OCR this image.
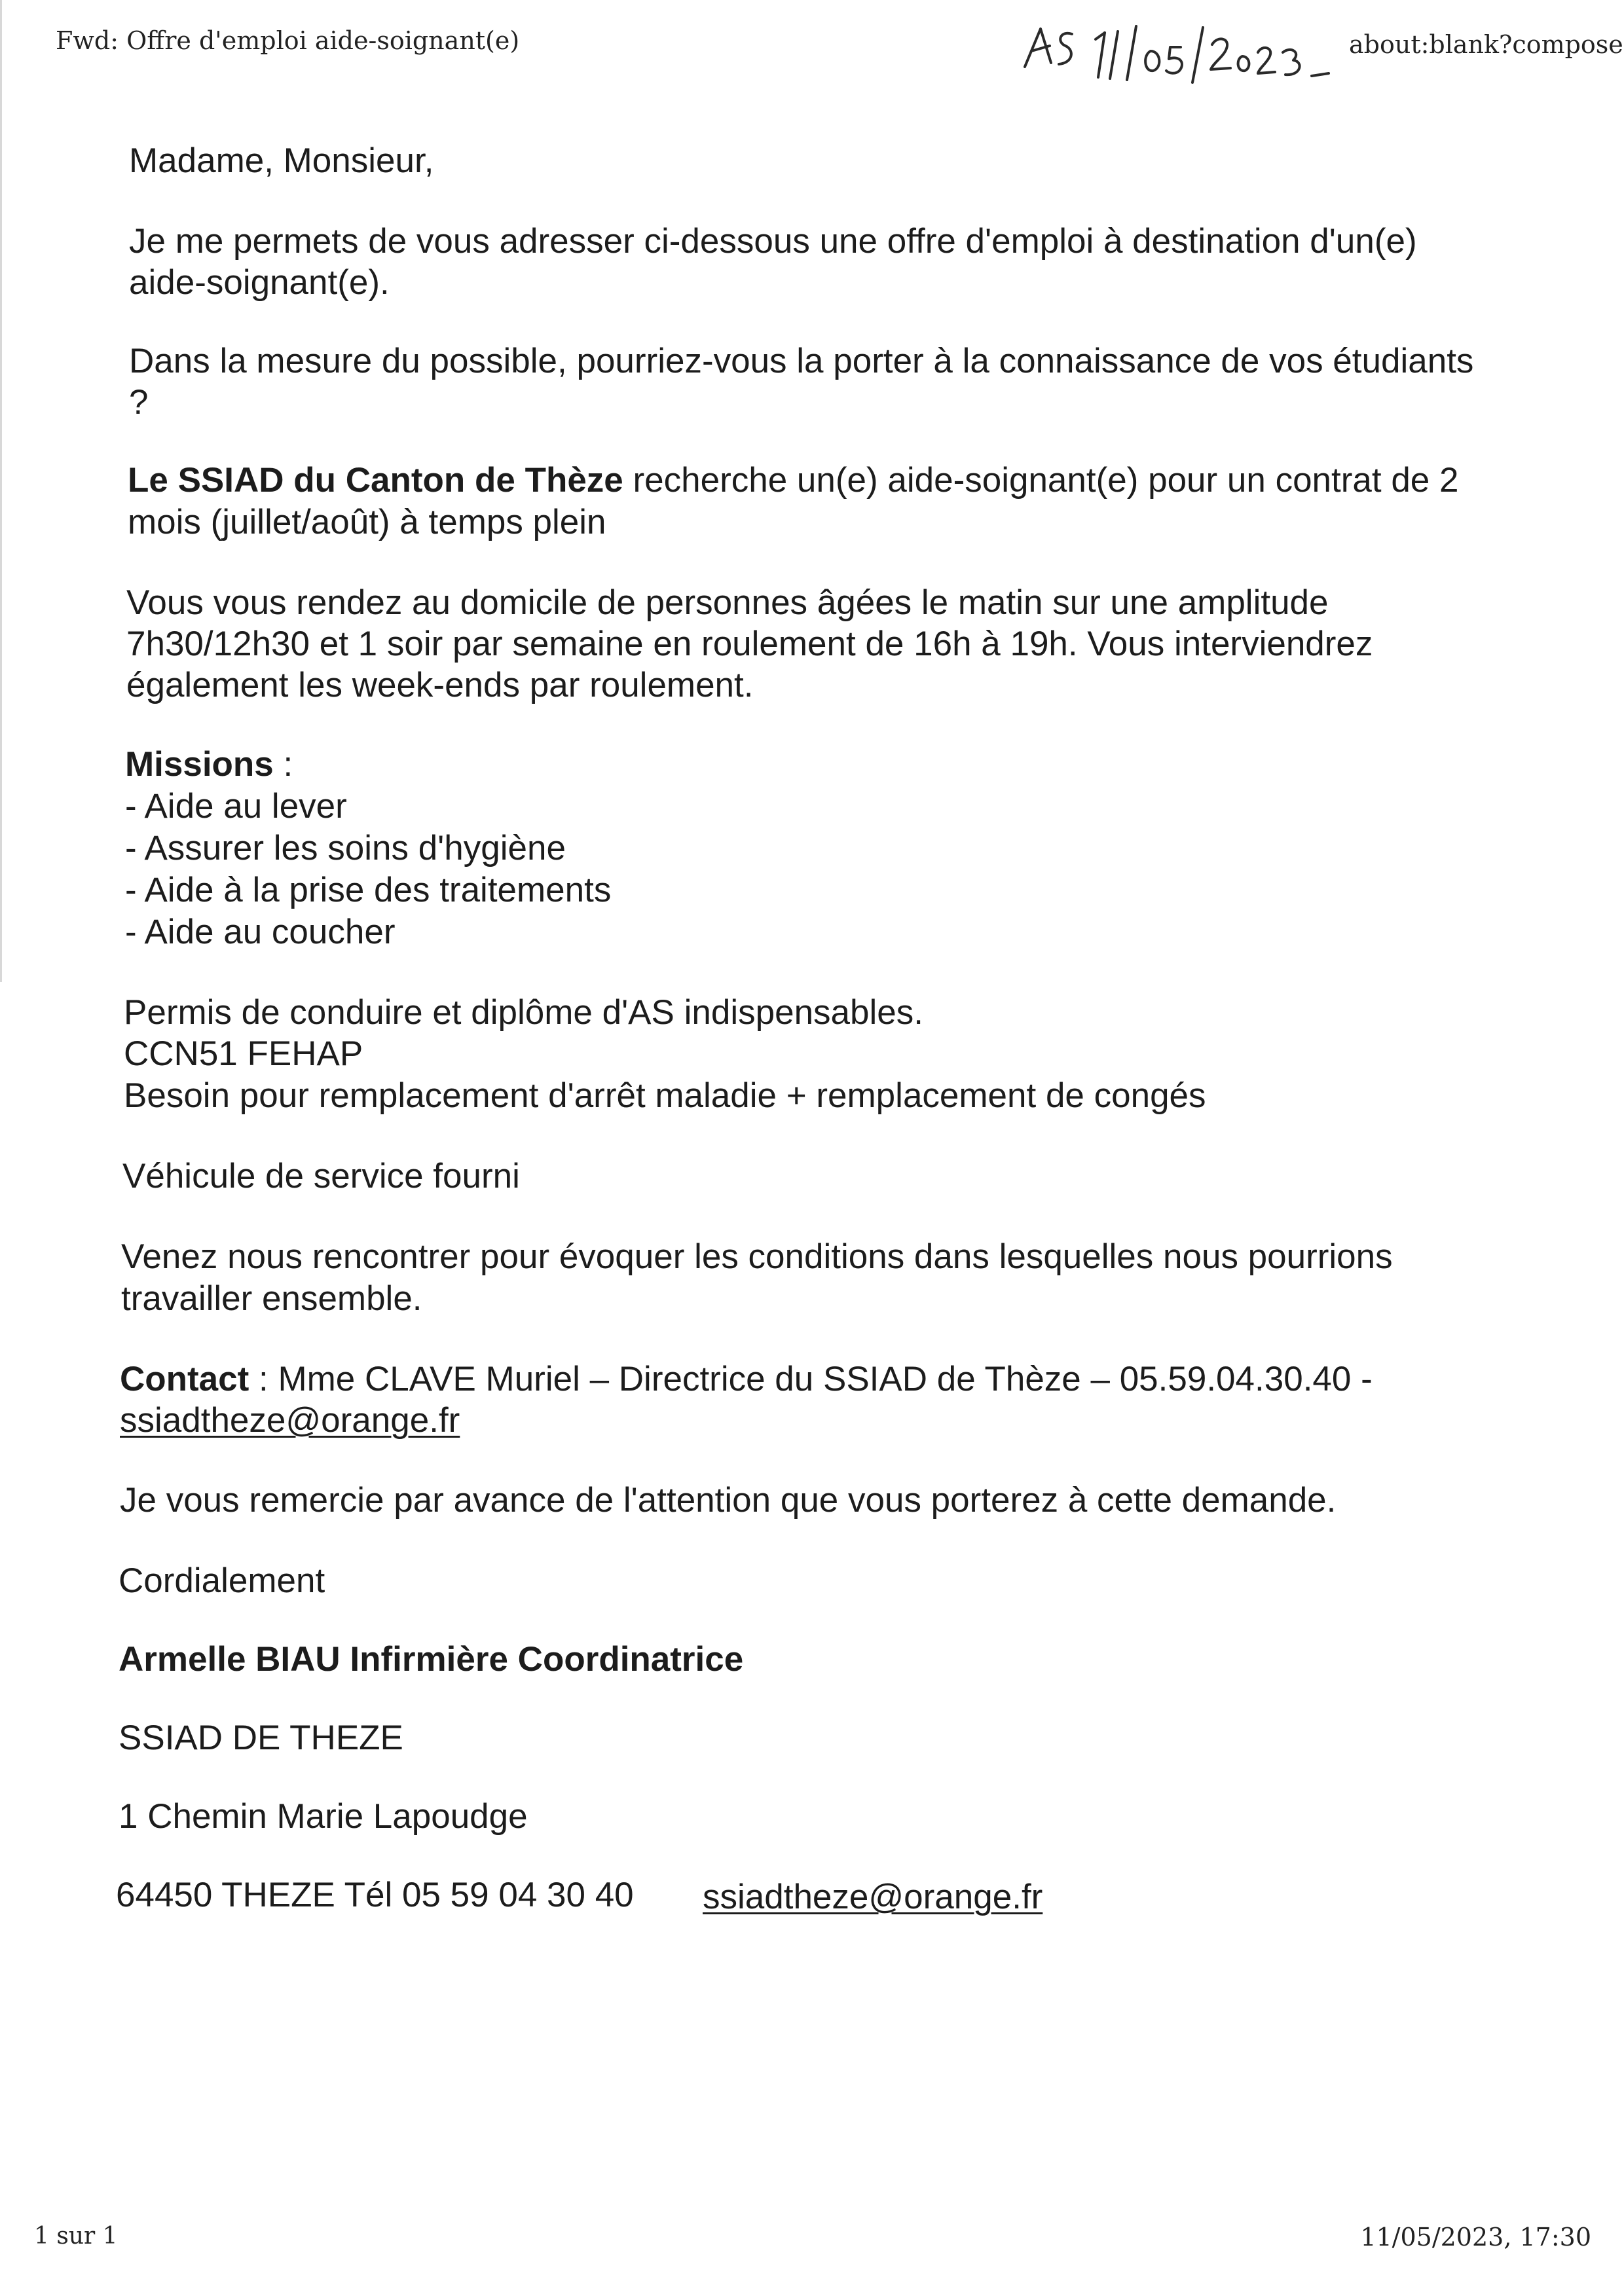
Fwd: Offre d'emploi aide-soignant(e)	about:blank?compose
Madame, Monsieur,
Je me permets de vous adresser ci-dessous une offre d'emploi à destination d'un(e)
aide-soignant(e).
Dans la mesure du possible, pourriez-vous la porter à la connaissance de vos étudiants
?
Le SSIAD du Canton de Thèze recherche un(e) aide-soignant(e) pour un contrat de 2
mois (juillet/août) à temps plein
Vous vous rendez au domicile de personnes âgées le matin sur une amplitude
7h30/12h30 et 1 soir par semaine en roulement de 16h à 19h. Vous interviendrez
également les week-ends par roulement.
Missions :
- Aide au lever
- Assurer les soins d'hygiène
- Aide à la prise des traitements
- Aide au coucher
Permis de conduire et diplôme d'AS indispensables.
CCN51 FEHAP
Besoin pour remplacement d'arrêt maladie + remplacement de congés
Véhicule de service fourni
Venez nous rencontrer pour évoquer les conditions dans lesquelles nous pourrions
travailler ensemble.
Contact : Mme CLAVE Muriel – Directrice du SSIAD de Thèze – 05.59.04.30.40 -
ssiadtheze@orange.fr
Je vous remercie par avance de l'attention que vous porterez à cette demande.
Cordialement
Armelle BIAU Infirmière Coordinatrice
SSIAD DE THEZE
1 Chemin Marie Lapoudge
64450 THEZE Tél 05 59 04 30 40 ssiadtheze@orange.fr
1 sur 1	11/05/2023, 17:30
